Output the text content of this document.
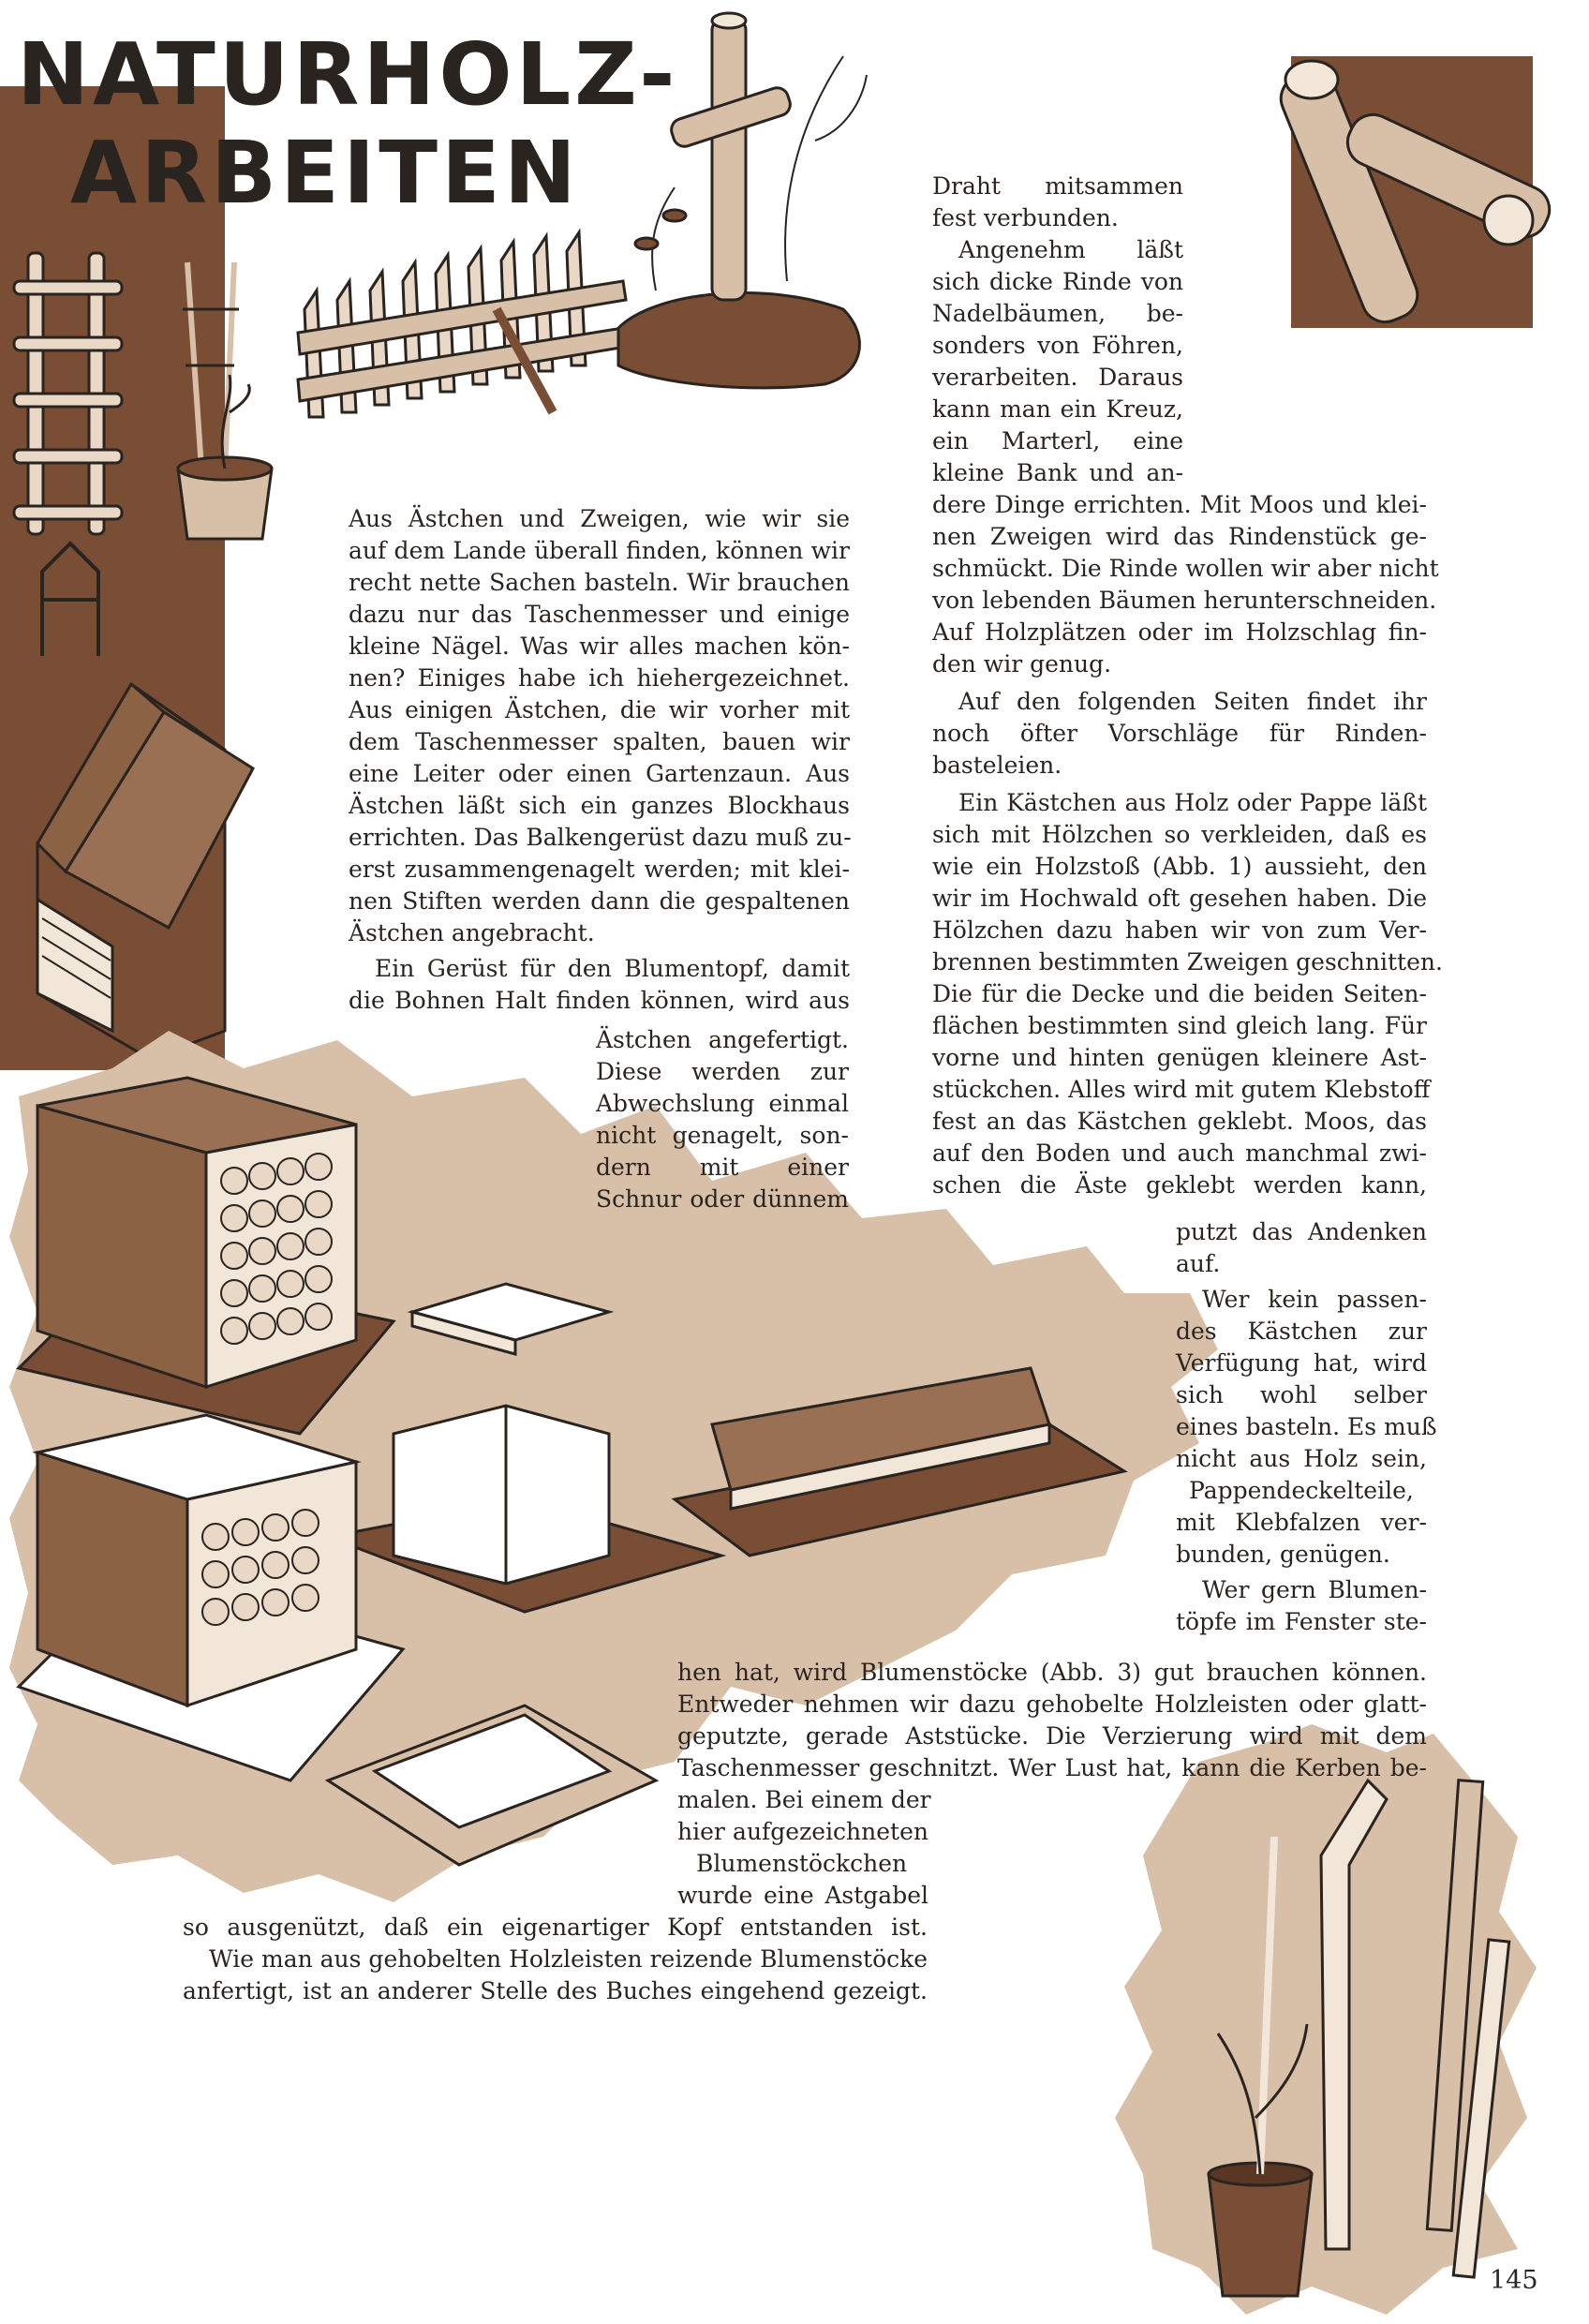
NATURHOLZ-
ARBEITEN

Aus Ästchen und Zweigen, wie wir sie
auf dem Lande überall finden, können wir
recht nette Sachen basteln. Wir brauchen
dazu nur das Taschenmesser und einige
kleine Nägel. Was wir alles machen kön-
nen? Einiges habe ich hiehergezeichnet.
Aus einigen Ästchen, die wir vorher mit
dem Taschenmesser spalten, bauen wir
eine Leiter oder einen Gartenzaun. Aus
Ästchen läßt sich ein ganzes Blockhaus
errichten. Das Balkengerüst dazu muß zu-
erst zusammengenagelt werden; mit klei-
nen Stiften werden dann die gespaltenen
Ästchen angebracht.

Ein Gerüst für den Blumentopf, damit
die Bohnen Halt finden können, wird aus

Ästchen angefertigt.
Diese werden zur
Abwechslung einmal
nicht genagelt, son-
dern mit einer
Schnur oder dünnem

Draht mitsammen
fest verbunden.
Angenehm läßt
sich dicke Rinde von
Nadelbäumen, be-
sonders von Föhren,
verarbeiten. Daraus
kann man ein Kreuz,
ein Marterl, eine
kleine Bank und an-

dere Dinge errichten. Mit Moos und klei-
nen Zweigen wird das Rindenstück ge-
schmückt. Die Rinde wollen wir aber nicht
von lebenden Bäumen herunterschneiden.
Auf Holzplätzen oder im Holzschlag fin-
den wir genug.

Auf den folgenden Seiten findet ihr
noch öfter Vorschläge für Rinden-
basteleien.

Ein Kästchen aus Holz oder Pappe läßt
sich mit Hölzchen so verkleiden, daß es
wie ein Holzstoß (Abb. 1) aussieht, den
wir im Hochwald oft gesehen haben. Die
Hölzchen dazu haben wir von zum Ver-
brennen bestimmten Zweigen geschnitten.
Die für die Decke und die beiden Seiten-
flächen bestimmten sind gleich lang. Für
vorne und hinten genügen kleinere Ast-
stückchen. Alles wird mit gutem Klebstoff
fest an das Kästchen geklebt. Moos, das
auf den Boden und auch manchmal zwi-
schen die Äste geklebt werden kann,

putzt das Andenken
auf.
Wer kein passen-
des Kästchen zur
Verfügung hat, wird
sich wohl selber
eines basteln. Es muß
nicht aus Holz sein,
Pappendeckelteile,
mit Klebfalzen ver-
bunden, genügen.
Wer gern Blumen-
töpfe im Fenster ste-

hen hat, wird Blumenstöcke (Abb. 3) gut brauchen können.
Entweder nehmen wir dazu gehobelte Holzleisten oder glatt-
geputzte, gerade Aststücke. Die Verzierung wird mit dem
Taschenmesser geschnitzt. Wer Lust hat, kann die Kerben be-

malen. Bei einem der
hier aufgezeichneten
Blumenstöckchen
wurde eine Astgabel

so ausgenützt, daß ein eigenartiger Kopf entstanden ist.
Wie man aus gehobelten Holzleisten reizende Blumenstöcke
anfertigt, ist an anderer Stelle des Buches eingehend gezeigt.

145
